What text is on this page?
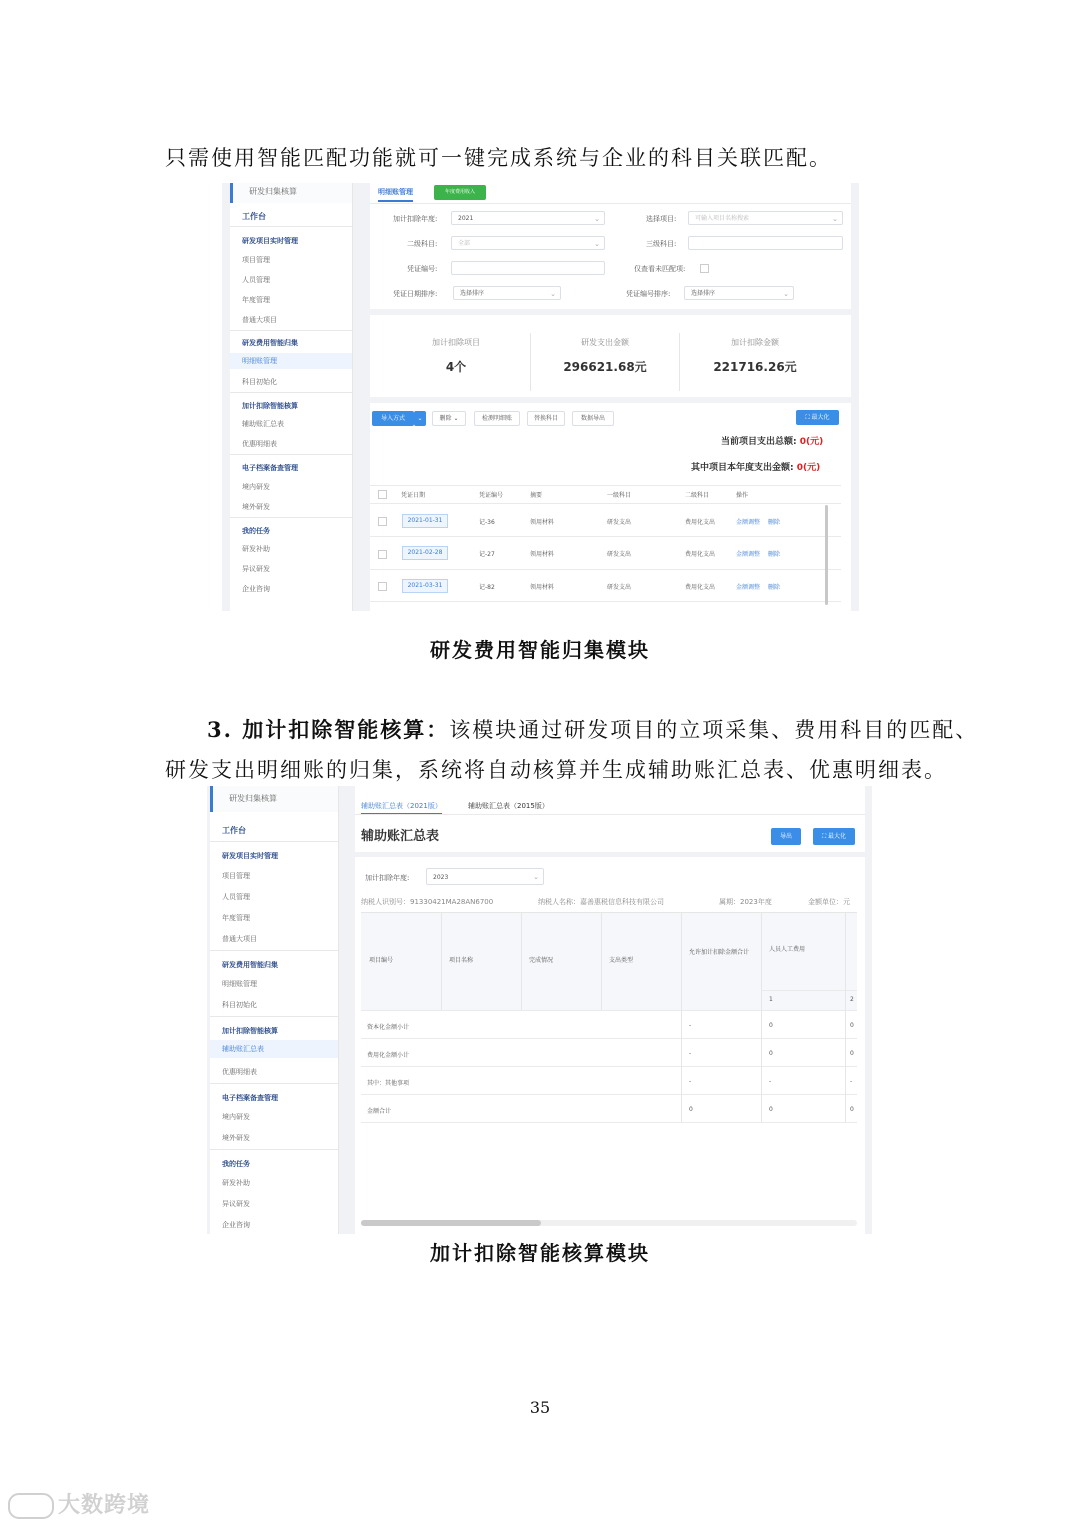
只需使用智能匹配功能就可一键完成系统与企业的科目关联匹配。
研发归集核算
工作台
研发项目实时管理
项目管理
人员管理
年度管理
普通大项目
研发费用智能归集
明细账管理
科目初始化
加计扣除智能核算
辅助账汇总表
优惠明细表
电子档案备查管理
境内研发
境外研发
我的任务
研发补助
异议研发
企业咨询
明细账管理	年度费用收入
加计扣除年度:	2021	⌄	选择项目:	可输入项目名称搜索	⌄
二级科目:	全部	⌄	三级科目:
凭证编号:	仅查看未匹配项:
凭证日期排序:	选择排序	⌄	凭证编号排序:	选择排序	⌄
加计扣除项目
4个
研发支出金额
296621.68元
加计扣除金额
221716.26元
导入方式	⌄	删除 ⌄	检测明细账	替换科目	数据导出	⛶ 最大化
当前项目支出总额: 0(元)
其中项目本年度支出金额: 0(元)
凭证日期	凭证编号	摘要	一级科目	二级科目	操作
2021-01-31	记-36	领用材料	研发支出	费用化支出	金额调整 删除
2021-02-28	记-27	领用材料	研发支出	费用化支出	金额调整 删除
2021-03-31	记-82	领用材料	研发支出	费用化支出	金额调整 删除
研发费用智能归集模块
3. 加计扣除智能核算：该模块通过研发项目的立项采集、费用科目的匹配、
研发支出明细账的归集，系统将自动核算并生成辅助账汇总表、优惠明细表。
研发归集核算
工作台
研发项目实时管理
项目管理
人员管理
年度管理
普通大项目
研发费用智能归集
明细账管理
科目初始化
加计扣除智能核算
辅助账汇总表
优惠明细表
电子档案备查管理
境内研发
境外研发
我的任务
研发补助
异议研发
企业咨询
辅助账汇总表（2021版）	辅助账汇总表（2015版）
辅助账汇总表	导出	⛶ 最大化
加计扣除年度:	2023	⌄
纳税人识别号：91330421MA28AN6700	纳税人名称：嘉善惠税信息科技有限公司	属期：2023年度	金额单位：元
项目编号	项目名称	完成情况	支出类型
允许加计扣除金额合计	人员人工费用
1	2
资本化金额小计	-	0	0
费用化金额小计	-	0	0
其中：其他事项	-	-	-
金额合计	0	0	0
加计扣除智能核算模块
35
大数跨境
